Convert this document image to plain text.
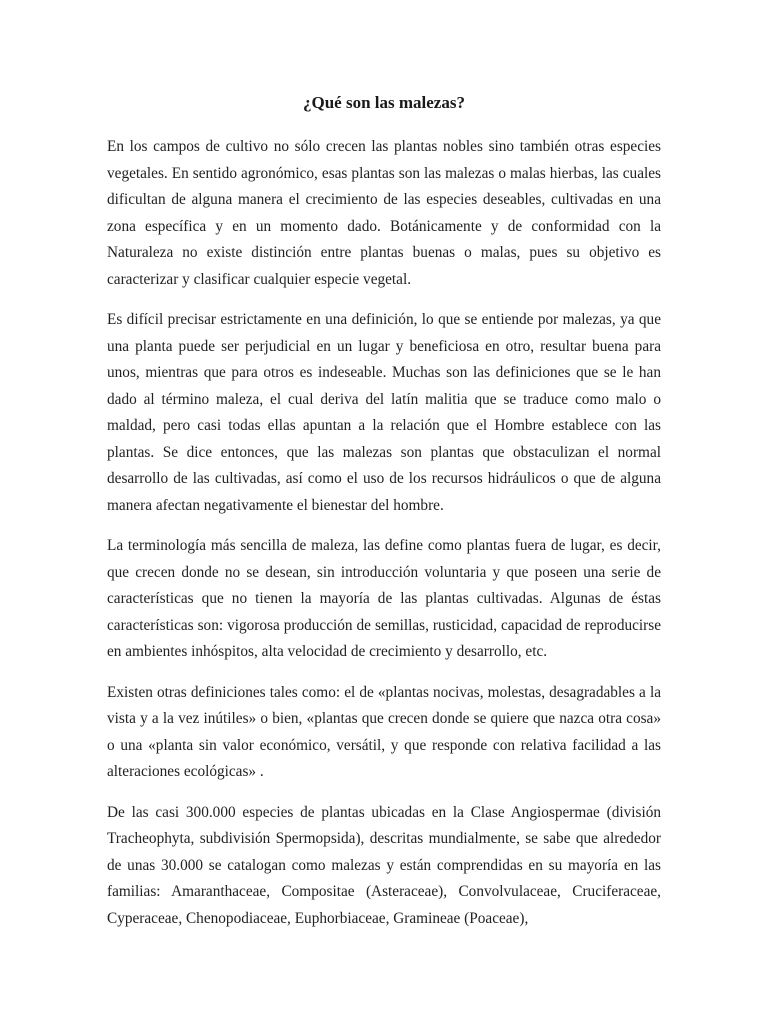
¿Qué son las malezas?

En los campos de cultivo no sólo crecen las plantas nobles sino también otras especies vegetales. En sentido agronómico, esas plantas son las malezas o malas hierbas, las cuales dificultan de alguna manera el crecimiento de las especies deseables, cultivadas en una zona específica y en un momento dado. Botánicamente y de conformidad con la Naturaleza no existe distinción entre plantas buenas o malas, pues su objetivo es caracterizar y clasificar cualquier especie vegetal.

Es difícil precisar estrictamente en una definición, lo que se entiende por malezas, ya que una planta puede ser perjudicial en un lugar y beneficiosa en otro, resultar buena para unos, mientras que para otros es indeseable. Muchas son las definiciones que se le han dado al término maleza, el cual deriva del latín malitia que se traduce como malo o maldad, pero casi todas ellas apuntan a la relación que el Hombre establece con las plantas. Se dice entonces, que las malezas son plantas que obstaculizan el normal desarrollo de las cultivadas, así como el uso de los recursos hidráulicos o que de alguna manera afectan negativamente el bienestar del hombre.

La terminología más sencilla de maleza, las define como plantas fuera de lugar, es decir, que crecen donde no se desean, sin introducción voluntaria y que poseen una serie de características que no tienen la mayoría de las plantas cultivadas. Algunas de éstas características son: vigorosa producción de semillas, rusticidad, capacidad de reproducirse en ambientes inhóspitos, alta velocidad de crecimiento y desarrollo, etc.

Existen otras definiciones tales como: el de «plantas nocivas, molestas, desagradables a la vista y a la vez inútiles» o bien, «plantas que crecen donde se quiere que nazca otra cosa» o una «planta sin valor económico, versátil, y que responde con relativa facilidad a las alteraciones ecológicas» .

De las casi 300.000 especies de plantas ubicadas en la Clase Angiospermae (división Tracheophyta, subdivisión Spermopsida), descritas mundialmente, se sabe que alrededor de unas 30.000 se catalogan como malezas y están comprendidas en su mayoría en las familias: Amaranthaceae, Compositae (Asteraceae), Convolvulaceae, Cruciferaceae, Cyperaceae, Chenopodiaceae, Euphorbiaceae, Gramineae (Poaceae),
